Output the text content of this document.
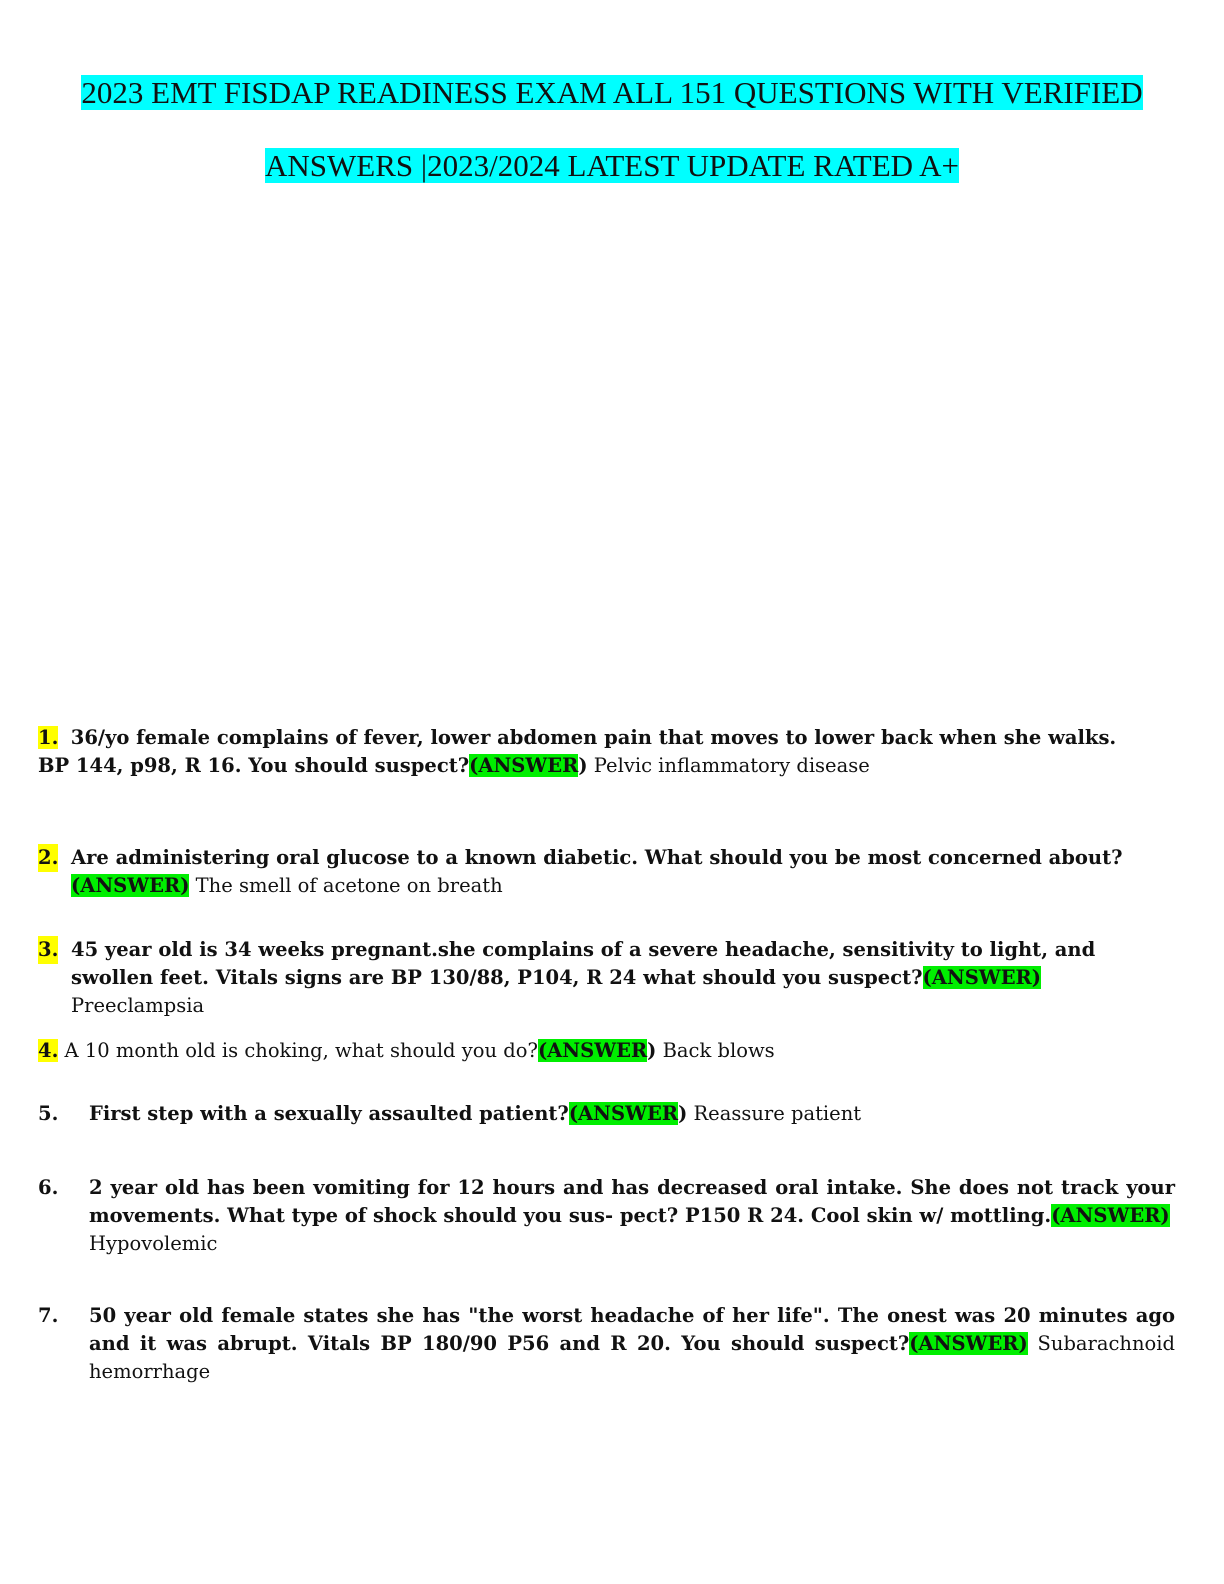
2023 EMT FISDAP READINESS EXAM ALL 151 QUESTIONS WITH VERIFIED
ANSWERS |2023/2024 LATEST UPDATE RATED A+
1. 36/yo female complains of fever, lower abdomen pain that moves to lower back when she walks.
BP 144, p98, R 16. You should suspect?(ANSWER) Pelvic inflammatory disease
2. Are administering oral glucose to a known diabetic. What should you be most concerned about?
(ANSWER) The smell of acetone on breath
3. 45 year old is 34 weeks pregnant.she complains of a severe headache, sensitivity to light, and swollen feet. Vitals signs are BP 130/88, P104, R 24 what should you suspect?(ANSWER) Preeclampsia
4. A 10 month old is choking, what should you do?(ANSWER) Back blows
5. First step with a sexually assaulted patient?(ANSWER) Reassure patient
6. 2 year old has been vomiting for 12 hours and has decreased oral intake. She does not track your movements. What type of shock should you sus- pect? P150 R 24. Cool skin w/ mottling.(ANSWER)
Hypovolemic
7. 50 year old female states she has "the worst headache of her life". The onest was 20 minutes ago and it was abrupt. Vitals BP 180/90 P56 and R 20. You should suspect?(ANSWER) Subarachnoid hemorrhage
